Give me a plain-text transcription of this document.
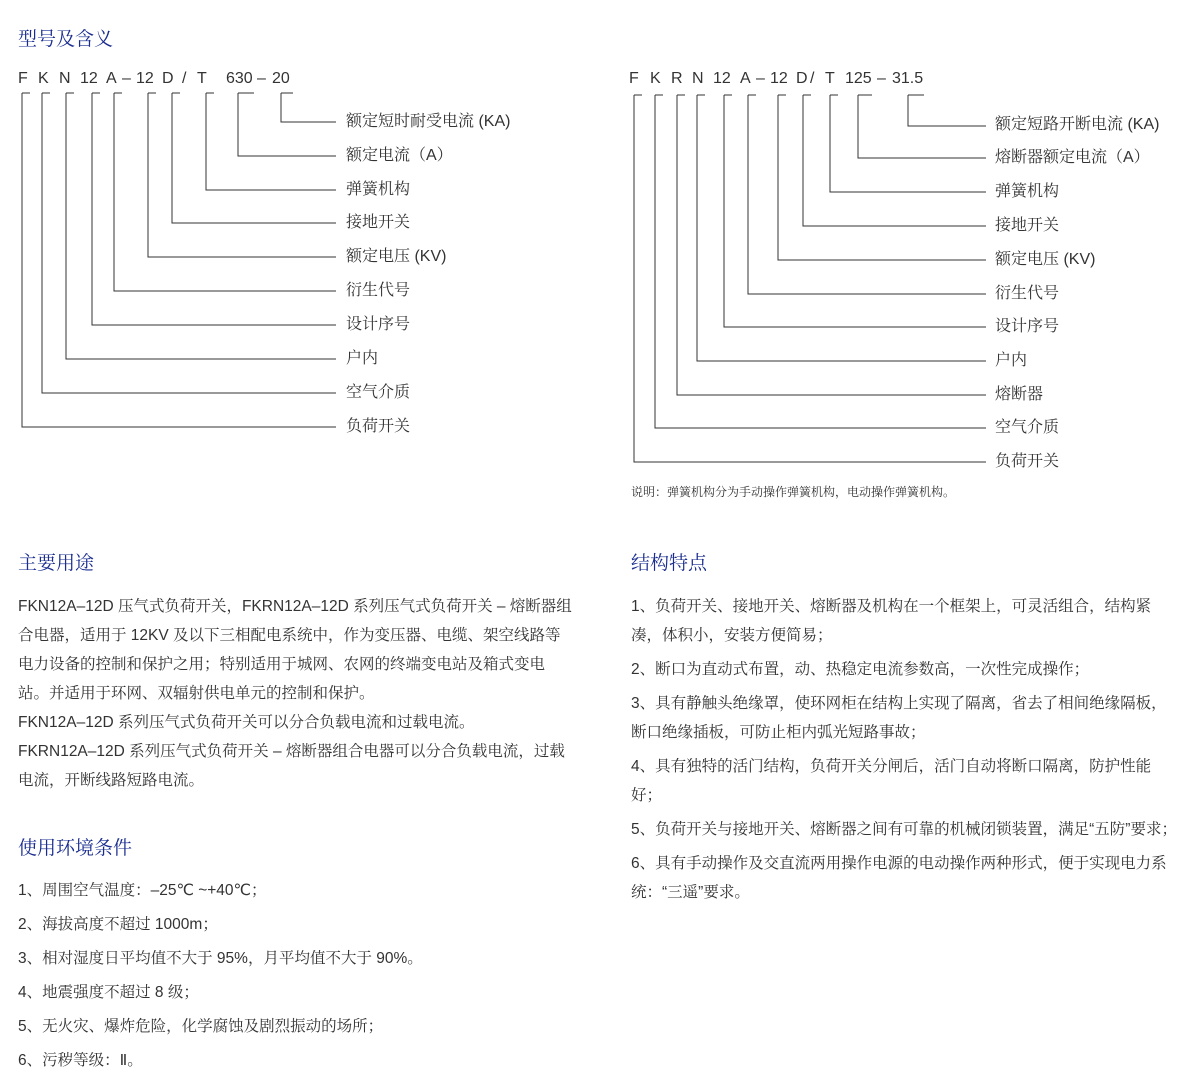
型号及含义
主要用途
使用环境条件
结构特点
F K N 12 A – 12 D / T 630 – 20	F K R N 12 A – 12 D / T 125 – 31.5
额定短时耐受电流 (KA)
额定电流（A）
弹簧机构
接地开关
额定电压 (KV)
衍生代号
设计序号
户内
空气介质
负荷开关
额定短路开断电流 (KA)
熔断器额定电流（A）
弹簧机构
接地开关
额定电压 (KV)
衍生代号
设计序号
户内
熔断器
空气介质
负荷开关
说明：弹簧机构分为手动操作弹簧机构，电动操作弹簧机构。

FKN12A–12D 压气式负荷开关，FKRN12A–12D 系列压气式负荷开关 – 熔断器组合电器，适用于 12KV 及以下三相配电系统中，作为变压器、电缆、架空线路等电力设备的控制和保护之用；特别适用于城网、农网的终端变电站及箱式变电站。并适用于环网、双辐射供电单元的控制和保护。

FKN12A–12D 系列压气式负荷开关可以分合负载电流和过载电流。

FKRN12A–12D 系列压气式负荷开关 – 熔断器组合电器可以分合负载电流，过载电流，开断线路短路电流。

1、周围空气温度：–25℃ ~+40℃；
2、海拔高度不超过 1000m；
3、相对湿度日平均值不大于 95%，月平均值不大于 90%。
4、地震强度不超过 8 级；
5、无火灾、爆炸危险，化学腐蚀及剧烈振动的场所；
6、污秽等级：Ⅱ。
1、负荷开关、接地开关、熔断器及机构在一个框架上，可灵活组合，结构紧凑，体积小，安装方便简易；
2、断口为直动式布置，动、热稳定电流参数高，一次性完成操作；
3、具有静触头绝缘罩，使环网柜在结构上实现了隔离，省去了相间绝缘隔板，断口绝缘插板，可防止柜内弧光短路事故；
4、具有独特的活门结构，负荷开关分闸后，活门自动将断口隔离，防护性能好；
5、负荷开关与接地开关、熔断器之间有可靠的机械闭锁装置，满足“五防”要求；
6、具有手动操作及交直流两用操作电源的电动操作两种形式，便于实现电力系统：“三遥”要求。
